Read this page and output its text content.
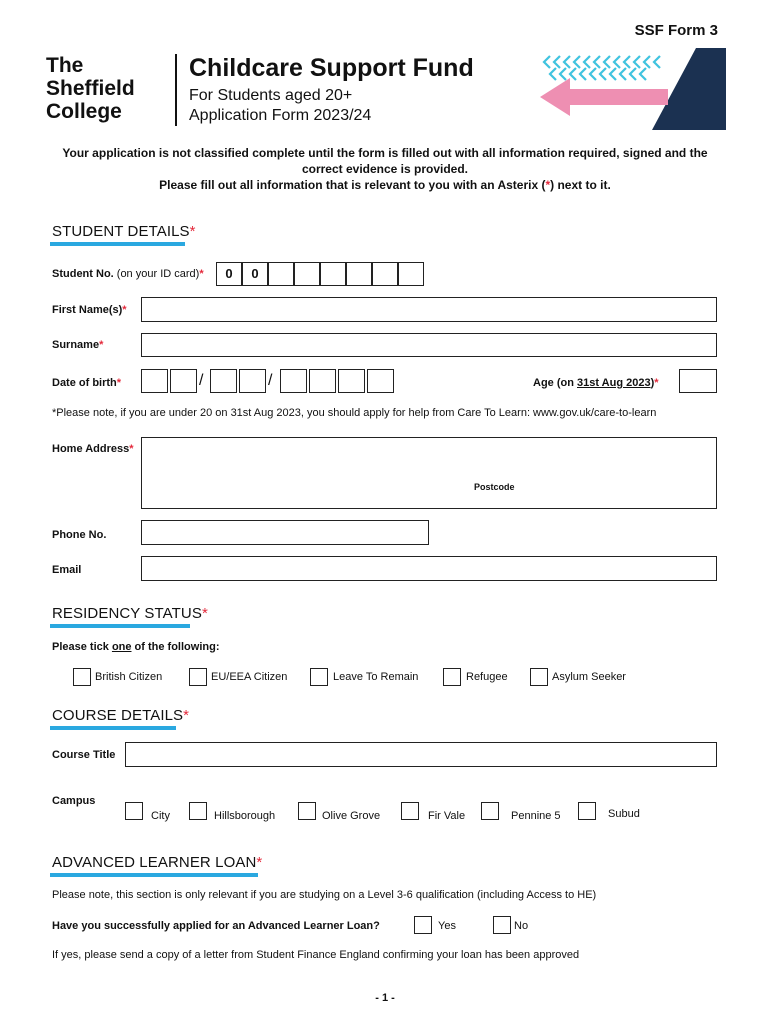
SSF Form 3
The
Sheffield
College
Childcare Support Fund
For Students aged 20+
Application Form 2023/24
Your application is not classified complete until the form is filled out with all information required, signed and the
correct evidence is provided.
Please fill out all information that is relevant to you with an Asterix (*) next to it.
STUDENT DETAILS*
Student No. (on your ID card)*	0	0
First Name(s)*
Surname*
Date of birth*	/	/	Age (on 31st Aug 2023)*
*Please note, if you are under 20 on 31st Aug 2023, you should apply for help from Care To Learn: www.gov.uk/care-to-learn
Home Address*
Postcode
Phone No.
Email
RESIDENCY STATUS*
Please tick one of the following:
British Citizen	EU/EEA Citizen	Leave To Remain	Refugee	Asylum Seeker
COURSE DETAILS*
Course Title
Campus
City	Hillsborough	Olive Grove	Fir Vale	Pennine 5	Subud
ADVANCED LEARNER LOAN*
Please note, this section is only relevant if you are studying on a Level 3-6 qualification (including Access to HE)
Have you successfully applied for an Advanced Learner Loan?	Yes	No
If yes, please send a copy of a letter from Student Finance England confirming your loan has been approved
- 1 -
